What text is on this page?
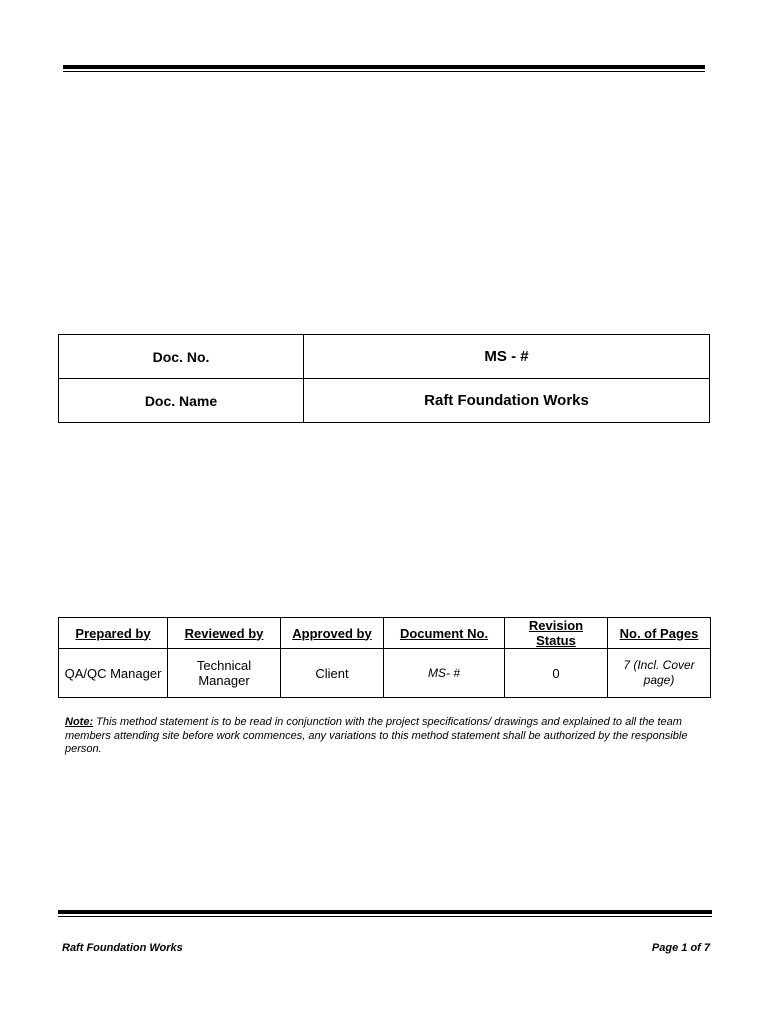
Doc. No.	MS - #
Doc. Name	Raft Foundation Works
Prepared by	Reviewed by	Approved by	Document No.	Revision Status	No. of Pages
QA/QC Manager	Technical Manager	Client	MS- #	0	7 (Incl. Cover page)
Note: This method statement is to be read in conjunction with the project specifications/ drawings and explained to all the team members attending site before work commences, any variations to this method statement shall be authorized by the responsible person.
Raft Foundation Works	Page 1 of 7
